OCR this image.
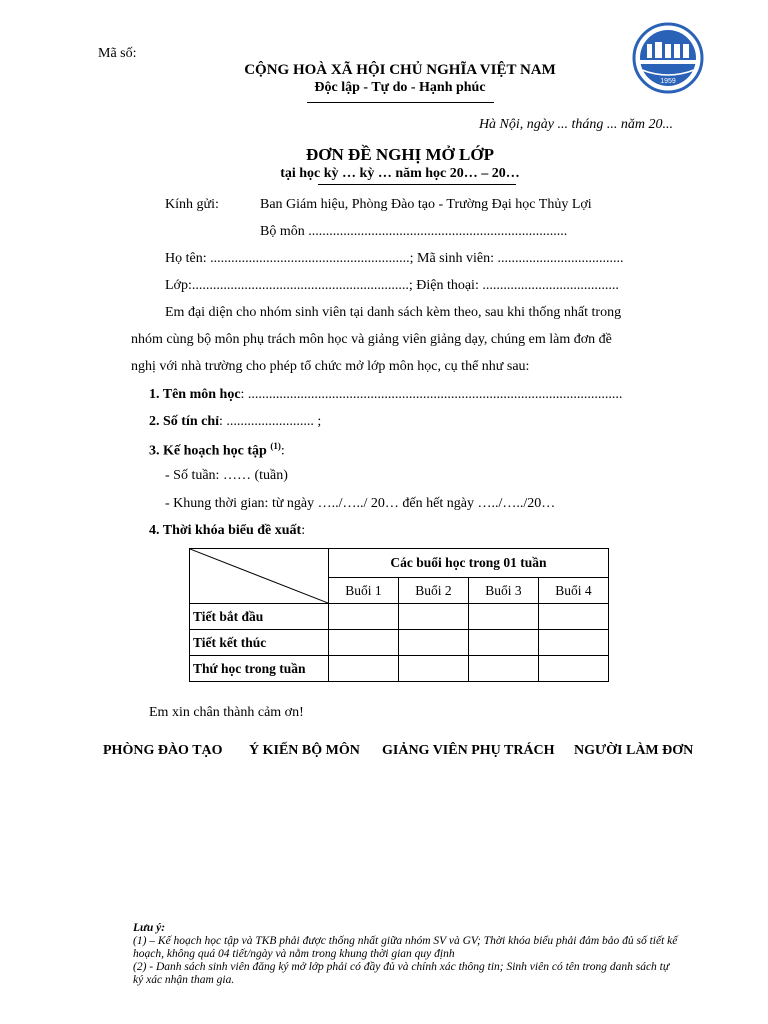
Mã số:
CỘNG HOÀ XÃ HỘI CHỦ NGHĨA VIỆT NAM
Độc lập - Tự do - Hạnh phúc	1959
Hà Nội, ngày ... tháng ... năm 20...
ĐƠN ĐỀ NGHỊ MỞ LỚP
tại học kỳ … kỳ … năm học 20… – 20…
Kính gửi:	Ban Giám hiệu, Phòng Đào tạo - Trường Đại học Thủy Lợi
Bộ môn ..........................................................................
Họ tên: .........................................................; Mã sinh viên: ....................................
Lớp:..............................................................; Điện thoại: .......................................
Em đại diện cho nhóm sinh viên tại danh sách kèm theo, sau khi thống nhất trong
nhóm cùng bộ môn phụ trách môn học và giảng viên giảng dạy, chúng em làm đơn đề
nghị với nhà trường cho phép tổ chức mở lớp môn học, cụ thể như sau:
1. Tên môn học: ...........................................................................................................
2. Số tín chỉ: ......................... ;
3. Kế hoạch học tập $^{(1)}$:
- Số tuần: …… (tuần)
- Khung thời gian: từ ngày …../…../ 20… đến hết ngày …../…../20…
4. Thời khóa biểu đề xuất:
	Các buổi học trong 01 tuần			
	Buổi 1	Buổi 2	Buổi 3	Buổi 4
Tiết bắt đầu				
Tiết kết thúc				
Thứ học trong tuần				
Em xin chân thành cảm ơn!
PHÒNG ĐÀO TẠO Ý KIẾN BỘ MÔN GIẢNG VIÊN PHỤ TRÁCH NGƯỜI LÀM ĐƠN
Lưu ý:
(1) – Kế hoạch học tập và TKB phải được thống nhất giữa nhóm SV và GV; Thời khóa biểu phải đảm bảo đủ số tiết kế hoạch, không quá 04 tiết/ngày và nằm trong khung thời gian quy định
(2) - Danh sách sinh viên đăng ký mở lớp phải có đầy đủ và chính xác thông tin; Sinh viên có tên trong danh sách tự ký xác nhận tham gia.
